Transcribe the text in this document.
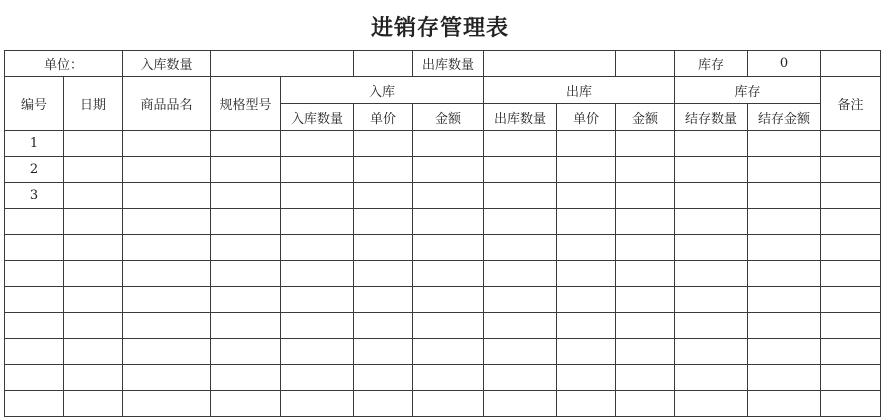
进销存管理表
单位：		入库数量				出库数量				库存	0	
编号	日期	商品品名	规格型号	入库			出库			库存		备注
				入库数量	单价	金额	出库数量	单价	金额	结存数量	结存金额	
1												
2												
3												
